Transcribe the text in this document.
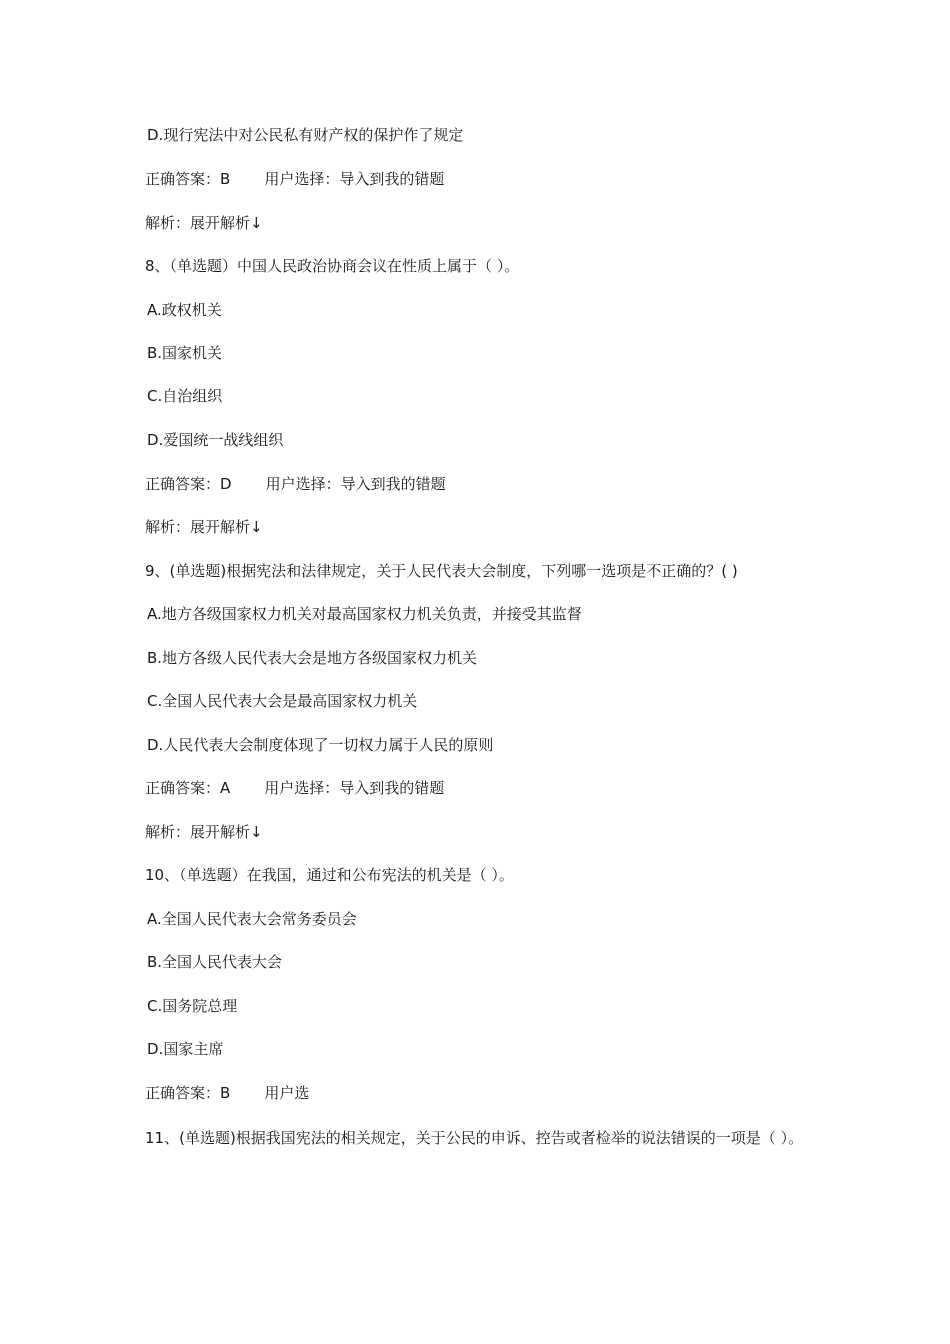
D.现行宪法中对公民私有财产权的保护作了规定
正确答案：B 用户选择：导入到我的错题
解析：展开解析↓
8、（单选题）中国人民政治协商会议在性质上属于（ ）。
A.政权机关
B.国家机关
C.自治组织
D.爱国统一战线组织
正确答案：D 用户选择：导入到我的错题
解析：展开解析↓
9、(单选题)根据宪法和法律规定，关于人民代表大会制度，下列哪一选项是不正确的？( )
A.地方各级国家权力机关对最高国家权力机关负责，并接受其监督
B.地方各级人民代表大会是地方各级国家权力机关
C.全国人民代表大会是最高国家权力机关
D.人民代表大会制度体现了一切权力属于人民的原则
正确答案：A 用户选择：导入到我的错题
解析：展开解析↓
10、（单选题）在我国，通过和公布宪法的机关是（ ）。
A.全国人民代表大会常务委员会
B.全国人民代表大会
C.国务院总理
D.国家主席
正确答案：B 用户选
11、(单选题)根据我国宪法的相关规定，关于公民的申诉、控告或者检举的说法错误的一项是（ ）。
